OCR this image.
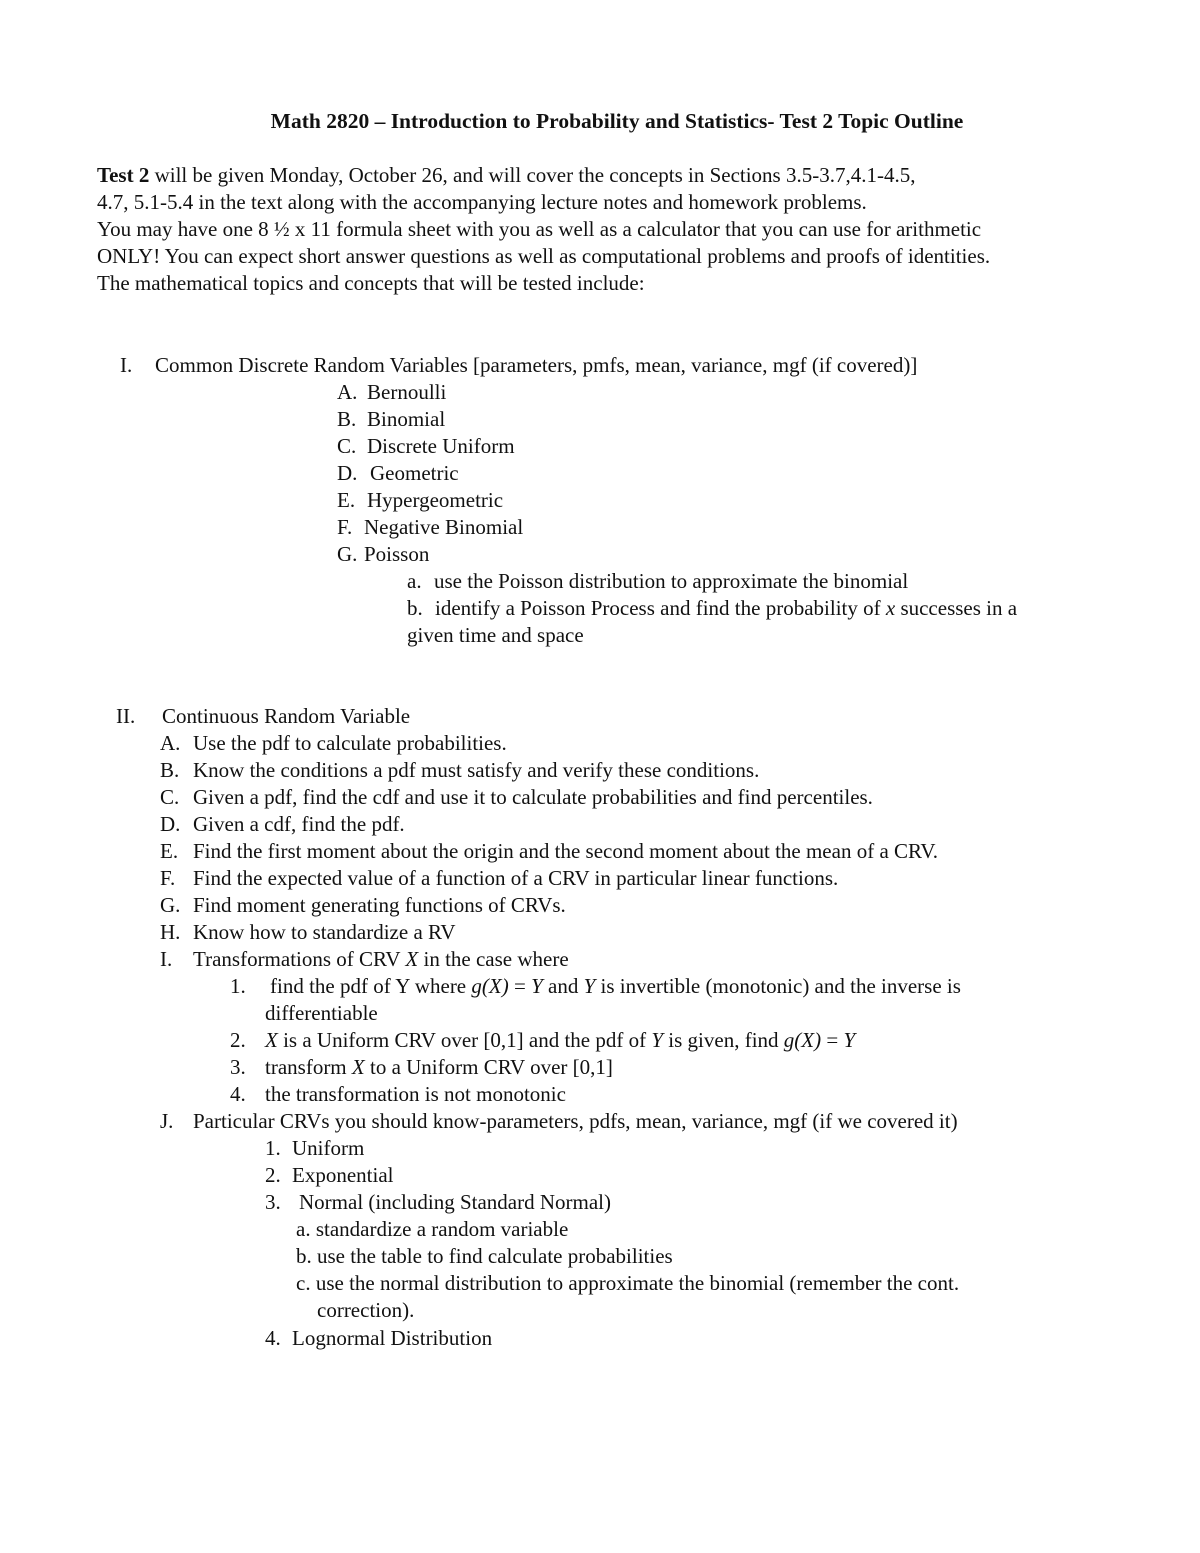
Math 2820 – Introduction to Probability and Statistics- Test 2 Topic Outline
Test 2 will be given Monday, October 26, and will cover the concepts in Sections 3.5-3.7,4.1-4.5,
4.7, 5.1-5.4 in the text along with the accompanying lecture notes and homework problems.
You may have one 8 ½ x 11 formula sheet with you as well as a calculator that you can use for arithmetic
ONLY! You can expect short answer questions as well as computational problems and proofs of identities.
The mathematical topics and concepts that will be tested include:
I. Common Discrete Random Variables [parameters, pmfs, mean, variance, mgf (if covered)]
A. Bernoulli
B. Binomial
C. Discrete Uniform
D. Geometric
E. Hypergeometric
F. Negative Binomial
G. Poisson
a. use the Poisson distribution to approximate the binomial
b. identify a Poisson Process and find the probability of x successes in a
given time and space
II. Continuous Random Variable
A. Use the pdf to calculate probabilities.
B. Know the conditions a pdf must satisfy and verify these conditions.
C. Given a pdf, find the cdf and use it to calculate probabilities and find percentiles.
D. Given a cdf, find the pdf.
E. Find the first moment about the origin and the second moment about the mean of a CRV.
F. Find the expected value of a function of a CRV in particular linear functions.
G. Find moment generating functions of CRVs.
H. Know how to standardize a RV
I. Transformations of CRV X in the case where
1. find the pdf of Y where g(X) = Y and Y is invertible (monotonic) and the inverse is
differentiable
2. X is a Uniform CRV over [0,1] and the pdf of Y is given, find g(X) = Y
3. transform X to a Uniform CRV over [0,1]
4. the transformation is not monotonic
J. Particular CRVs you should know-parameters, pdfs, mean, variance, mgf (if we covered it)
1. Uniform
2. Exponential
3. Normal (including Standard Normal)
a. standardize a random variable
b. use the table to find calculate probabilities
c. use the normal distribution to approximate the binomial (remember the cont.
correction).
4. Lognormal Distribution
